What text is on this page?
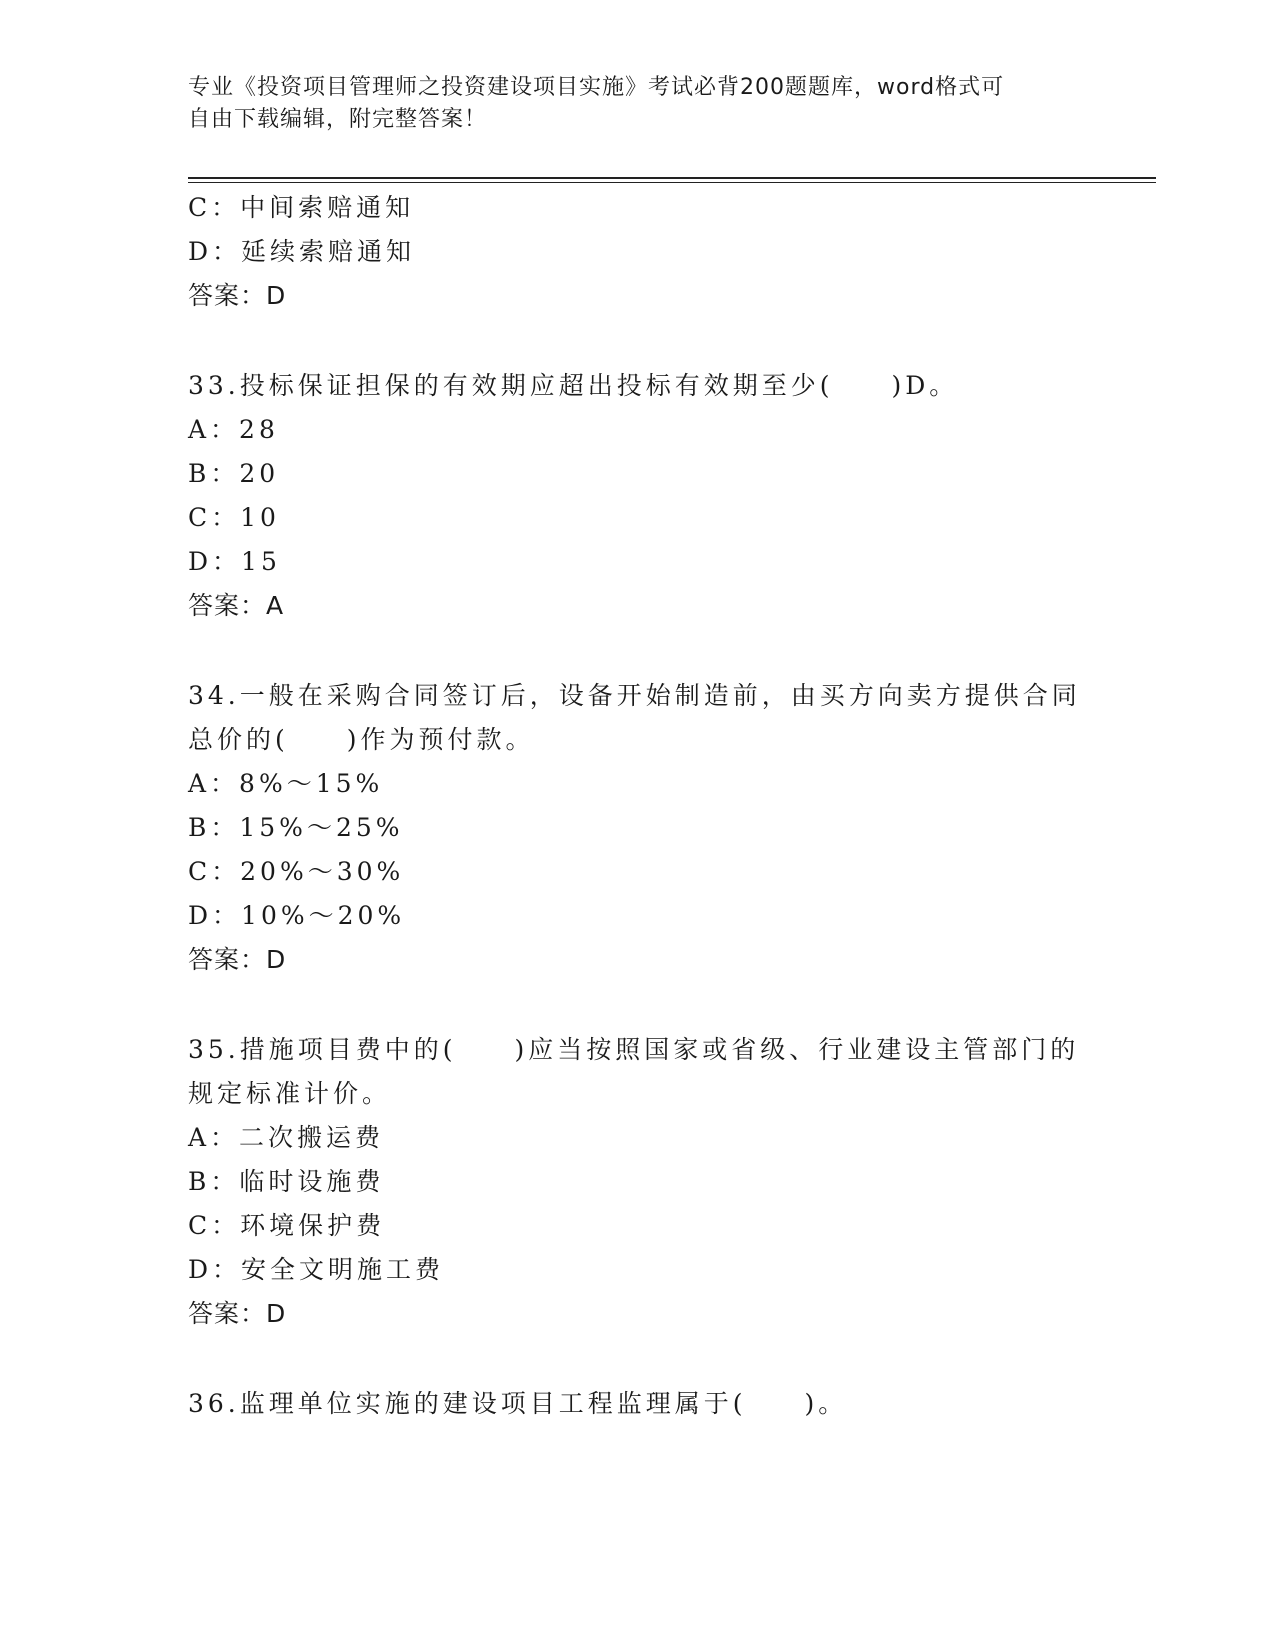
专业《投资项目管理师之投资建设项目实施》考试必背200题题库，word格式可
自由下载编辑，附完整答案！
C：中间索赔通知
D：延续索赔通知
答案：D
33.投标保证担保的有效期应超出投标有效期至少(　　)D。
A：28
B：20
C：10
D：15
答案：A
34.一般在采购合同签订后，设备开始制造前，由买方向卖方提供合同
总价的(　　)作为预付款。
A：8%～15%
B：15%～25%
C：20%～30%
D：10%～20%
答案：D
35.措施项目费中的(　　)应当按照国家或省级、行业建设主管部门的
规定标准计价。
A：二次搬运费
B：临时设施费
C：环境保护费
D：安全文明施工费
答案：D
36.监理单位实施的建设项目工程监理属于(　　)。
